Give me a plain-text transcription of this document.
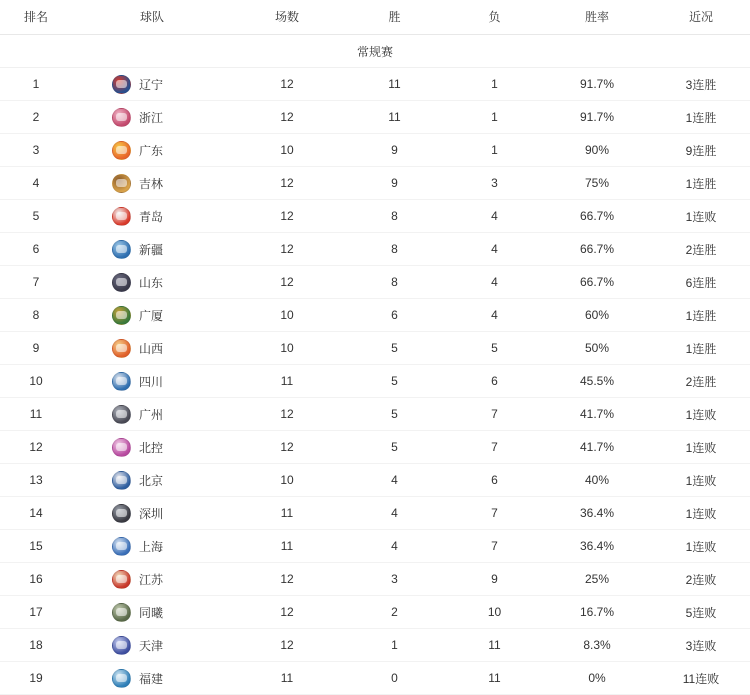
排名	球队	场数	胜	负	胜率	近况
常规赛						
1	辽宁	12	11	1	91.7%	3连胜
2	浙江	12	11	1	91.7%	1连胜
3	广东	10	9	1	90%	9连胜
4	吉林	12	9	3	75%	1连胜
5	青岛	12	8	4	66.7%	1连败
6	新疆	12	8	4	66.7%	2连胜
7	山东	12	8	4	66.7%	6连胜
8	广厦	10	6	4	60%	1连胜
9	山西	10	5	5	50%	1连胜
10	四川	11	5	6	45.5%	2连胜
11	广州	12	5	7	41.7%	1连败
12	北控	12	5	7	41.7%	1连败
13	北京	10	4	6	40%	1连败
14	深圳	11	4	7	36.4%	1连败
15	上海	11	4	7	36.4%	1连败
16	江苏	12	3	9	25%	2连败
17	同曦	12	2	10	16.7%	5连败
18	天津	12	1	11	8.3%	3连败
19	福建	11	0	11	0%	11连败
